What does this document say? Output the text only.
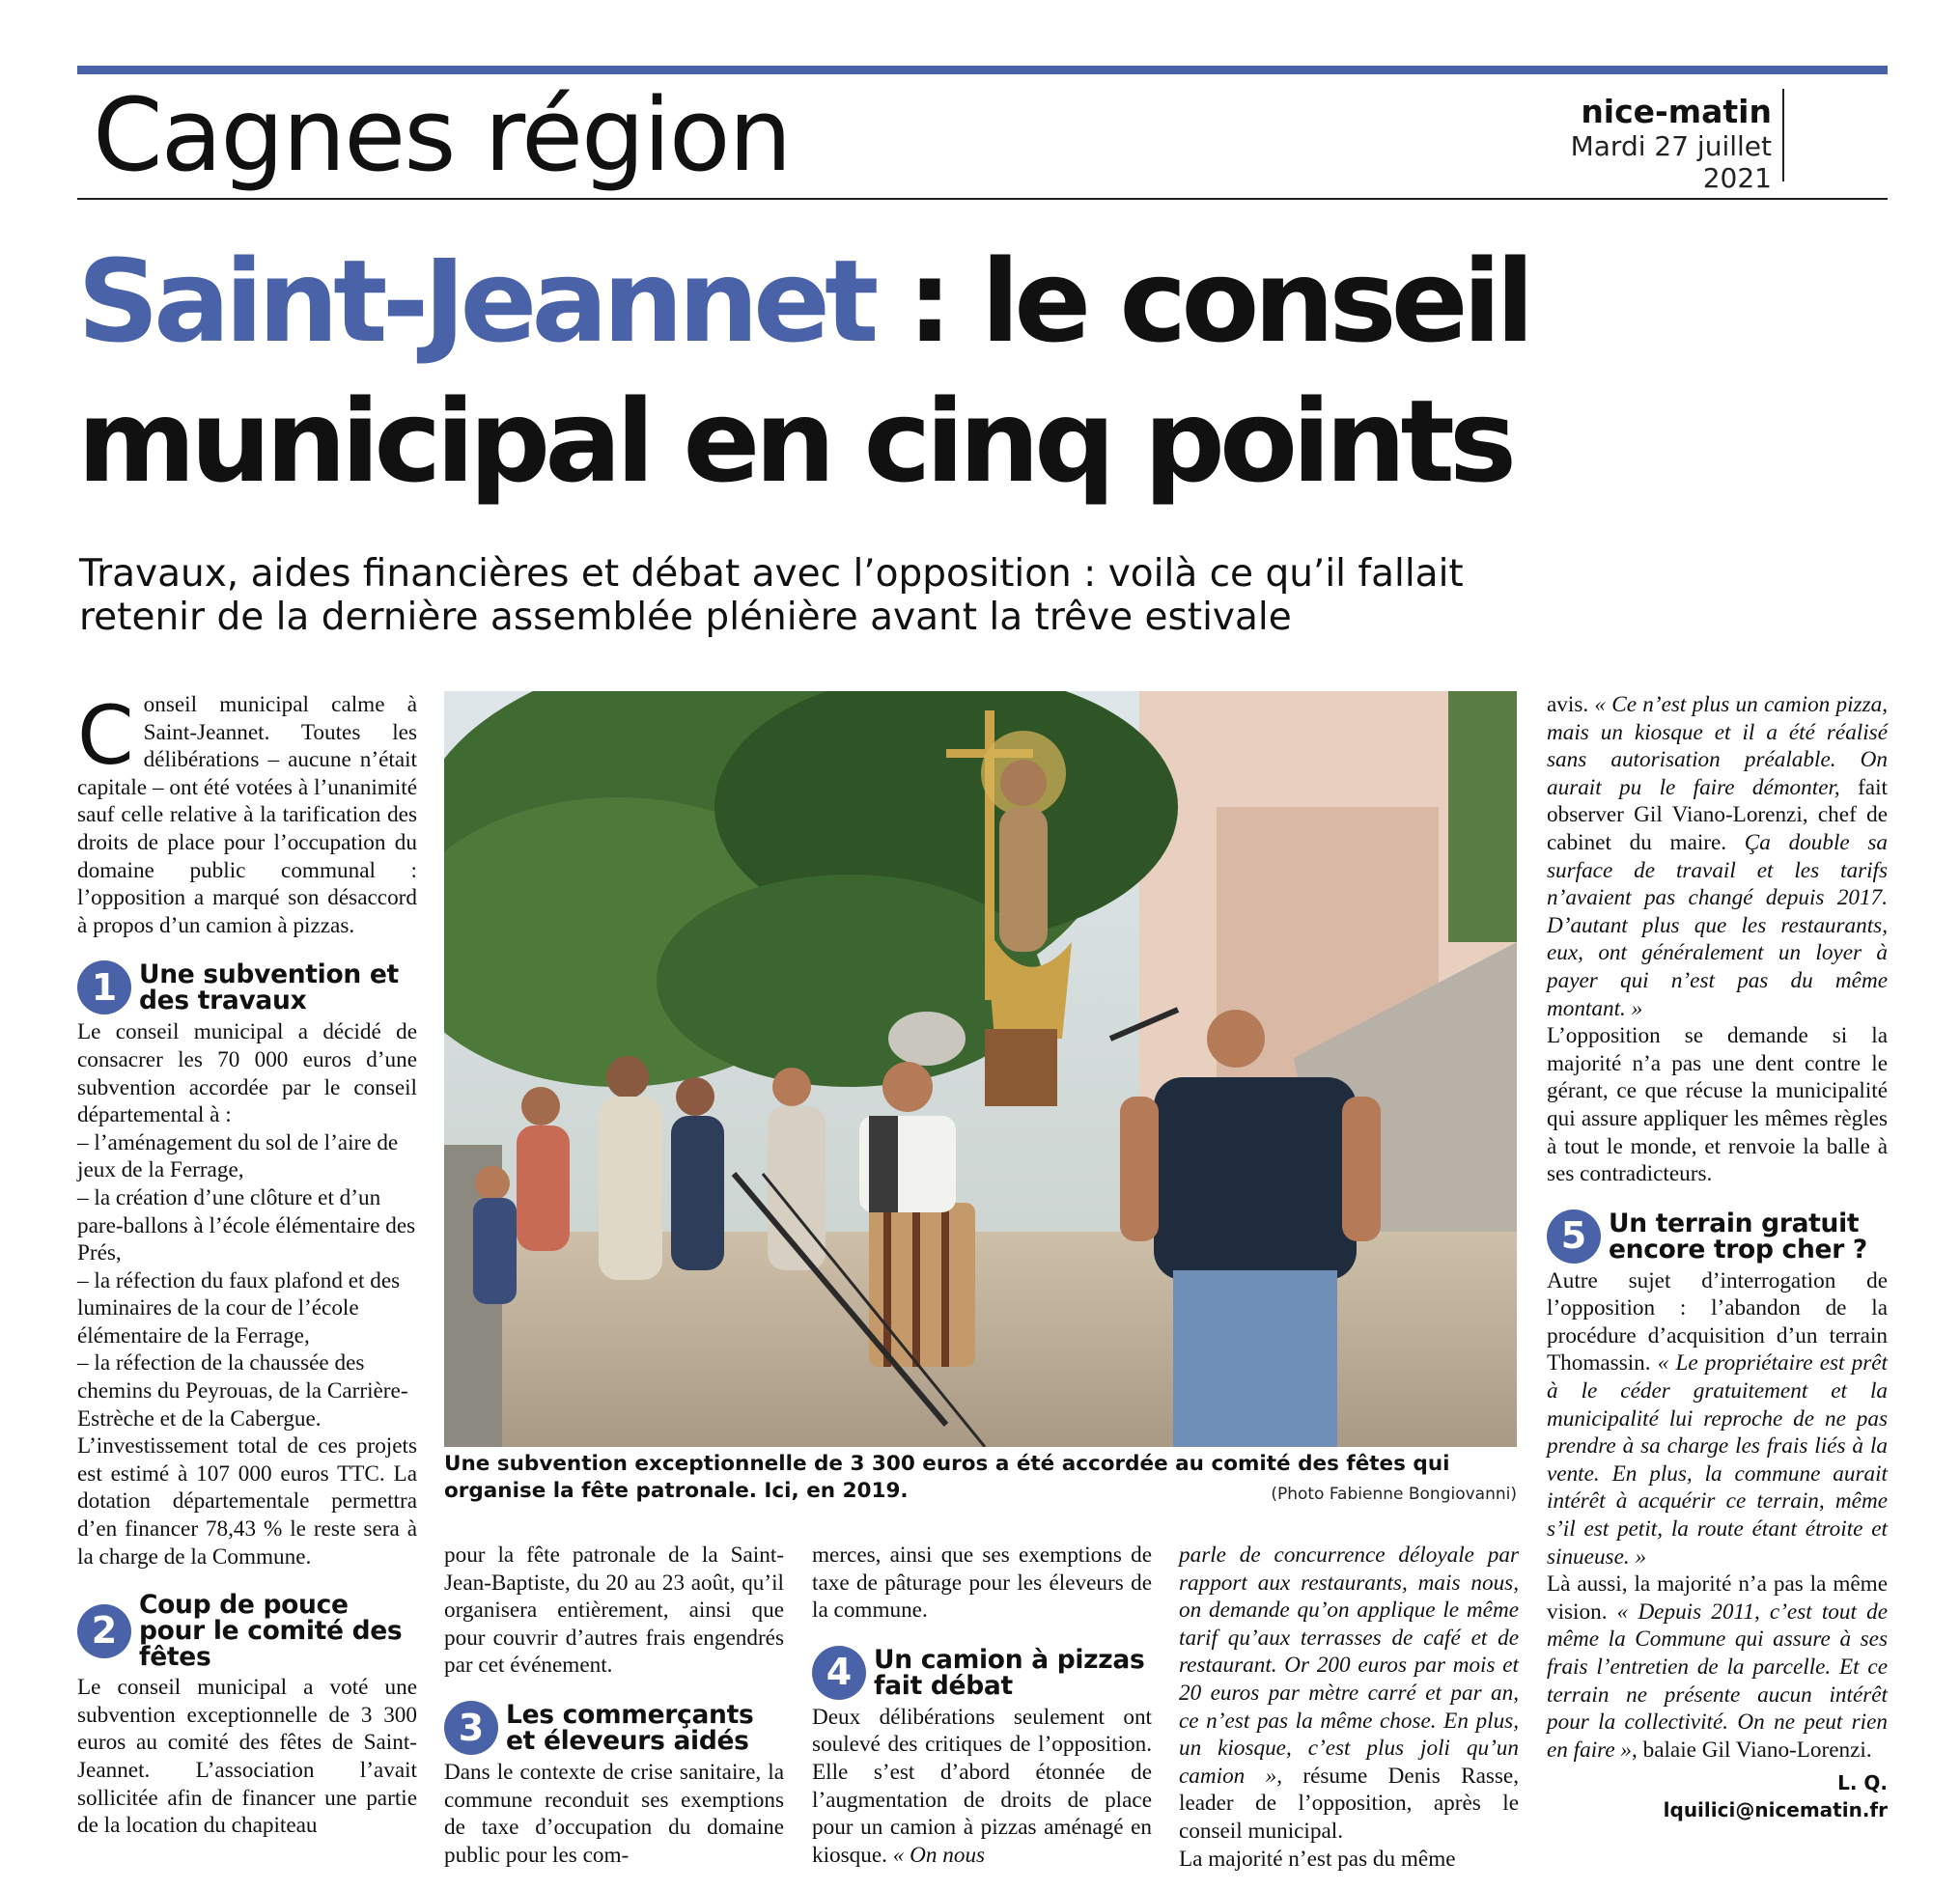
Cagnes région	nice-matin
Mardi 27 juillet 2021
Saint-Jeannet : le conseil municipal en cinq points
Travaux, aides financières et débat avec l’opposition : voilà ce qu’il fallait retenir de la dernière assemblée plénière avant la trêve estivale

Conseil municipal calme à Saint-Jeannet. Toutes les délibérations – aucune n’était capitale – ont été votées à l’unanimité sauf celle relative à la tarification des droits de place pour l’occupation du domaine public communal : l’opposition a marqué son désaccord à propos d’un camion à pizzas.

1 Une subvention et des travaux

Le conseil municipal a décidé de consacrer les 70 000 euros d’une subvention accordée par le conseil départemental à :

– l’aménagement du sol de l’aire de jeux de la Ferrage,

– la création d’une clôture et d’un pare-ballons à l’école élémentaire des Prés,

– la réfection du faux plafond et des luminaires de la cour de l’école élémentaire de la Ferrage,

– la réfection de la chaussée des chemins du Peyrouas, de la Carrière-Estrèche et de la Cabergue.

L’investissement total de ces projets est estimé à 107 000 euros TTC. La dotation départementale permettra d’en financer 78,43 % le reste sera à la charge de la Commune.

2
Coup de pouce pour le comité des fêtes

Le conseil municipal a voté une subvention exceptionnelle de 3 300 euros au comité des fêtes de Saint-Jeannet. L’association l’avait sollicitée afin de financer une partie de la location du chapiteau

Une subvention exceptionnelle de 3 300 euros a été accordée au comité des fêtes qui organise la fête patronale. Ici, en 2019.	(Photo Fabienne Bongiovanni)

pour la fête patronale de la Saint-Jean-Baptiste, du 20 au 23 août, qu’il organisera entièrement, ainsi que pour couvrir d’autres frais engendrés par cet événement.

3 Les commerçants et éleveurs aidés

Dans le contexte de crise sanitaire, la commune reconduit ses exemptions de taxe d’occupation du domaine public pour les com-

merces, ainsi que ses exemptions de taxe de pâturage pour les éleveurs de la commune.

4 Un camion à pizzas fait débat

Deux délibérations seulement ont soulevé des critiques de l’opposition. Elle s’est d’abord étonnée de l’augmentation de droits de place pour un camion à pizzas aménagé en kiosque. « On nous

parle de concurrence déloyale par rapport aux restaurants, mais nous, on demande qu’on applique le même tarif qu’aux terrasses de café et de restaurant. Or 200 euros par mois et 20 euros par mètre carré et par an, ce n’est pas la même chose. En plus, un kiosque, c’est plus joli qu’un camion », résume Denis Rasse, leader de l’opposition, après le conseil municipal.

La majorité n’est pas du même

avis. « Ce n’est plus un camion pizza, mais un kiosque et il a été réalisé sans autorisation préalable. On aurait pu le faire démonter, fait observer Gil Viano-Lorenzi, chef de cabinet du maire. Ça double sa surface de travail et les tarifs n’avaient pas changé depuis 2017. D’autant plus que les restaurants, eux, ont généralement un loyer à payer qui n’est pas du même montant. »

L’opposition se demande si la majorité n’a pas une dent contre le gérant, ce que récuse la municipalité qui assure appliquer les mêmes règles à tout le monde, et renvoie la balle à ses contradicteurs.

5 Un terrain gratuit encore trop cher ?

Autre sujet d’interrogation de l’opposition : l’abandon de la procédure d’acquisition d’un terrain Thomassin. « Le propriétaire est prêt à le céder gratuitement et la municipalité lui reproche de ne pas prendre à sa charge les frais liés à la vente. En plus, la commune aurait intérêt à acquérir ce terrain, même s’il est petit, la route étant étroite et sinueuse. »

Là aussi, la majorité n’a pas la même vision. « Depuis 2011, c’est tout de même la Commune qui assure à ses frais l’entretien de la parcelle. Et ce terrain ne présente aucun intérêt pour la collectivité. On ne peut rien en faire », balaie Gil Viano-Lorenzi.

L. Q.
lquilici@nicematin.fr
